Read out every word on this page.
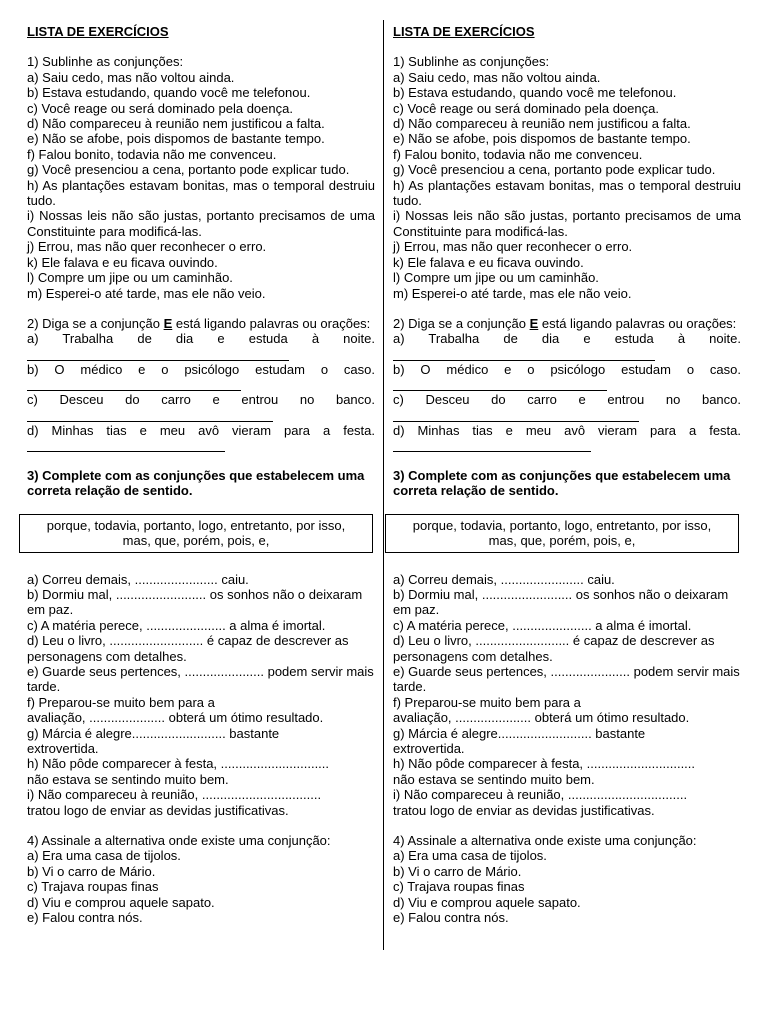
LISTA DE EXERCÍCIOS

1) Sublinhe as conjunções:

a) Saiu cedo, mas não voltou ainda.

b) Estava estudando, quando você me telefonou.

c) Você reage ou será dominado pela doença.

d) Não compareceu à reunião nem justificou a falta.

e) Não se afobe, pois dispomos de bastante tempo.

f) Falou bonito, todavia não me convenceu.

g) Você presenciou a cena, portanto pode explicar tudo.

h) As plantações estavam bonitas, mas o temporal destruiu tudo.

i) Nossas leis não são justas, portanto precisamos de uma Constituinte para modificá-las.

j) Errou, mas não quer reconhecer o erro.

k) Ele falava e eu ficava ouvindo.

l) Compre um jipe ou um caminhão.

m) Esperei-o até tarde, mas ele não veio.

2) Diga se a conjunção E está ligando palavras ou orações:

a) Trabalha de dia e estuda à noite.

b) O médico e o psicólogo estudam o caso.

c) Desceu do carro e entrou no banco.

d) Minhas tias e meu avô vieram para a festa.

3) Complete com as conjunções que estabelecem uma correta relação de sentido.

porque, todavia, portanto, logo, entretanto, por isso,
mas, que, porém, pois, e,

a) Correu demais, ....................... caiu.

b) Dormiu mal, ......................... os sonhos não o deixaram em paz.

c) A matéria perece, ...................... a alma é imortal.

d) Leu o livro, .......................... é capaz de descrever as personagens com detalhes.

e) Guarde seus pertences, ...................... podem servir mais tarde.

f) Preparou-se muito bem para a

avaliação, ..................... obterá um ótimo resultado.

g) Márcia é alegre.......................... bastante

extrovertida.

h) Não pôde comparecer à festa, ..............................

não estava se sentindo muito bem.

i) Não compareceu à reunião, .................................

tratou logo de enviar as devidas justificativas.

4) Assinale a alternativa onde existe uma conjunção:

a) Era uma casa de tijolos.

b) Vi o carro de Mário.

c) Trajava roupas finas

d) Viu e comprou aquele sapato.

e) Falou contra nós.

LISTA DE EXERCÍCIOS

1) Sublinhe as conjunções:

a) Saiu cedo, mas não voltou ainda.

b) Estava estudando, quando você me telefonou.

c) Você reage ou será dominado pela doença.

d) Não compareceu à reunião nem justificou a falta.

e) Não se afobe, pois dispomos de bastante tempo.

f) Falou bonito, todavia não me convenceu.

g) Você presenciou a cena, portanto pode explicar tudo.

h) As plantações estavam bonitas, mas o temporal destruiu tudo.

i) Nossas leis não são justas, portanto precisamos de uma Constituinte para modificá-las.

j) Errou, mas não quer reconhecer o erro.

k) Ele falava e eu ficava ouvindo.

l) Compre um jipe ou um caminhão.

m) Esperei-o até tarde, mas ele não veio.

2) Diga se a conjunção E está ligando palavras ou orações:

a) Trabalha de dia e estuda à noite.

b) O médico e o psicólogo estudam o caso.

c) Desceu do carro e entrou no banco.

d) Minhas tias e meu avô vieram para a festa.

3) Complete com as conjunções que estabelecem uma correta relação de sentido.

porque, todavia, portanto, logo, entretanto, por isso,
mas, que, porém, pois, e,

a) Correu demais, ....................... caiu.

b) Dormiu mal, ......................... os sonhos não o deixaram em paz.

c) A matéria perece, ...................... a alma é imortal.

d) Leu o livro, .......................... é capaz de descrever as personagens com detalhes.

e) Guarde seus pertences, ...................... podem servir mais tarde.

f) Preparou-se muito bem para a

avaliação, ..................... obterá um ótimo resultado.

g) Márcia é alegre.......................... bastante

extrovertida.

h) Não pôde comparecer à festa, ..............................

não estava se sentindo muito bem.

i) Não compareceu à reunião, .................................

tratou logo de enviar as devidas justificativas.

4) Assinale a alternativa onde existe uma conjunção:

a) Era uma casa de tijolos.

b) Vi o carro de Mário.

c) Trajava roupas finas

d) Viu e comprou aquele sapato.

e) Falou contra nós.
